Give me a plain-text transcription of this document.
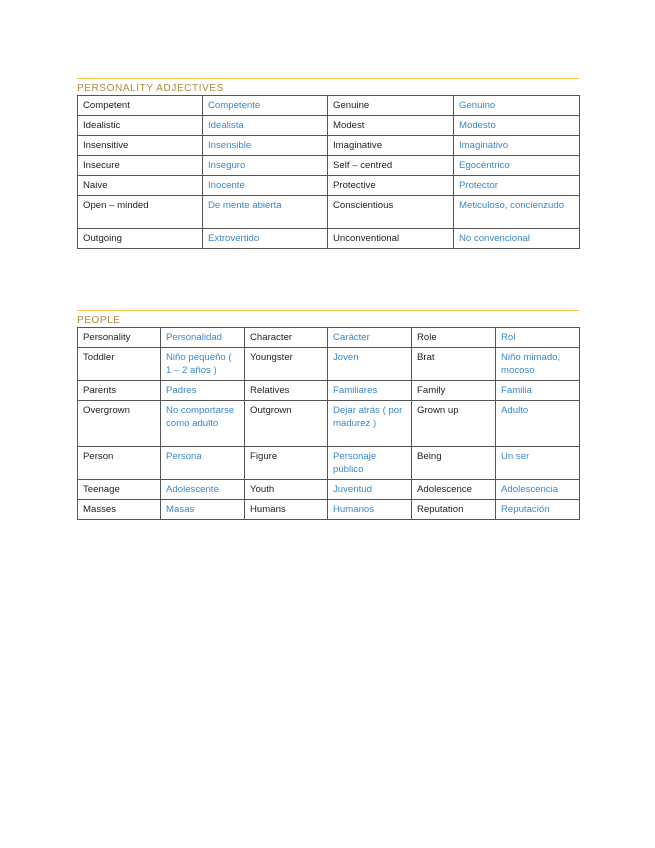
PERSONALITY ADJECTIVES
Competent	Competente	Genuine	Genuino
Idealistic	Idealista	Modest	Modesto
Insensitive	Insensible	Imaginative	Imaginativo
Insecure	Inseguro	Self – centred	Egocéntrico
Naive	Inocente	Protective	Protector
Open – minded	De mente abierta	Conscientious	Meticuloso, concienzudo
Outgoing	Extrovertido	Unconventional	No convencional
PEOPLE
Personality	Personalidad	Character	Carácter	Role	Rol
Toddler	Niño pequeño ( 1 – 2 años )	Youngster	Joven	Brat	Niño mimado, mocoso
Parents	Padres	Relatives	Familiares	Family	Familia
Overgrown	No comportarse como adulto	Outgrown	Dejar atrás ( por madurez )	Grown up	Adulto
Person	Persona	Figure	Personaje público	Being	Un ser
Teenage	Adolescente	Youth	Juventud	Adolescence	Adolescencia
Masses	Masas	Humans	Humanos	Reputation	Reputación
